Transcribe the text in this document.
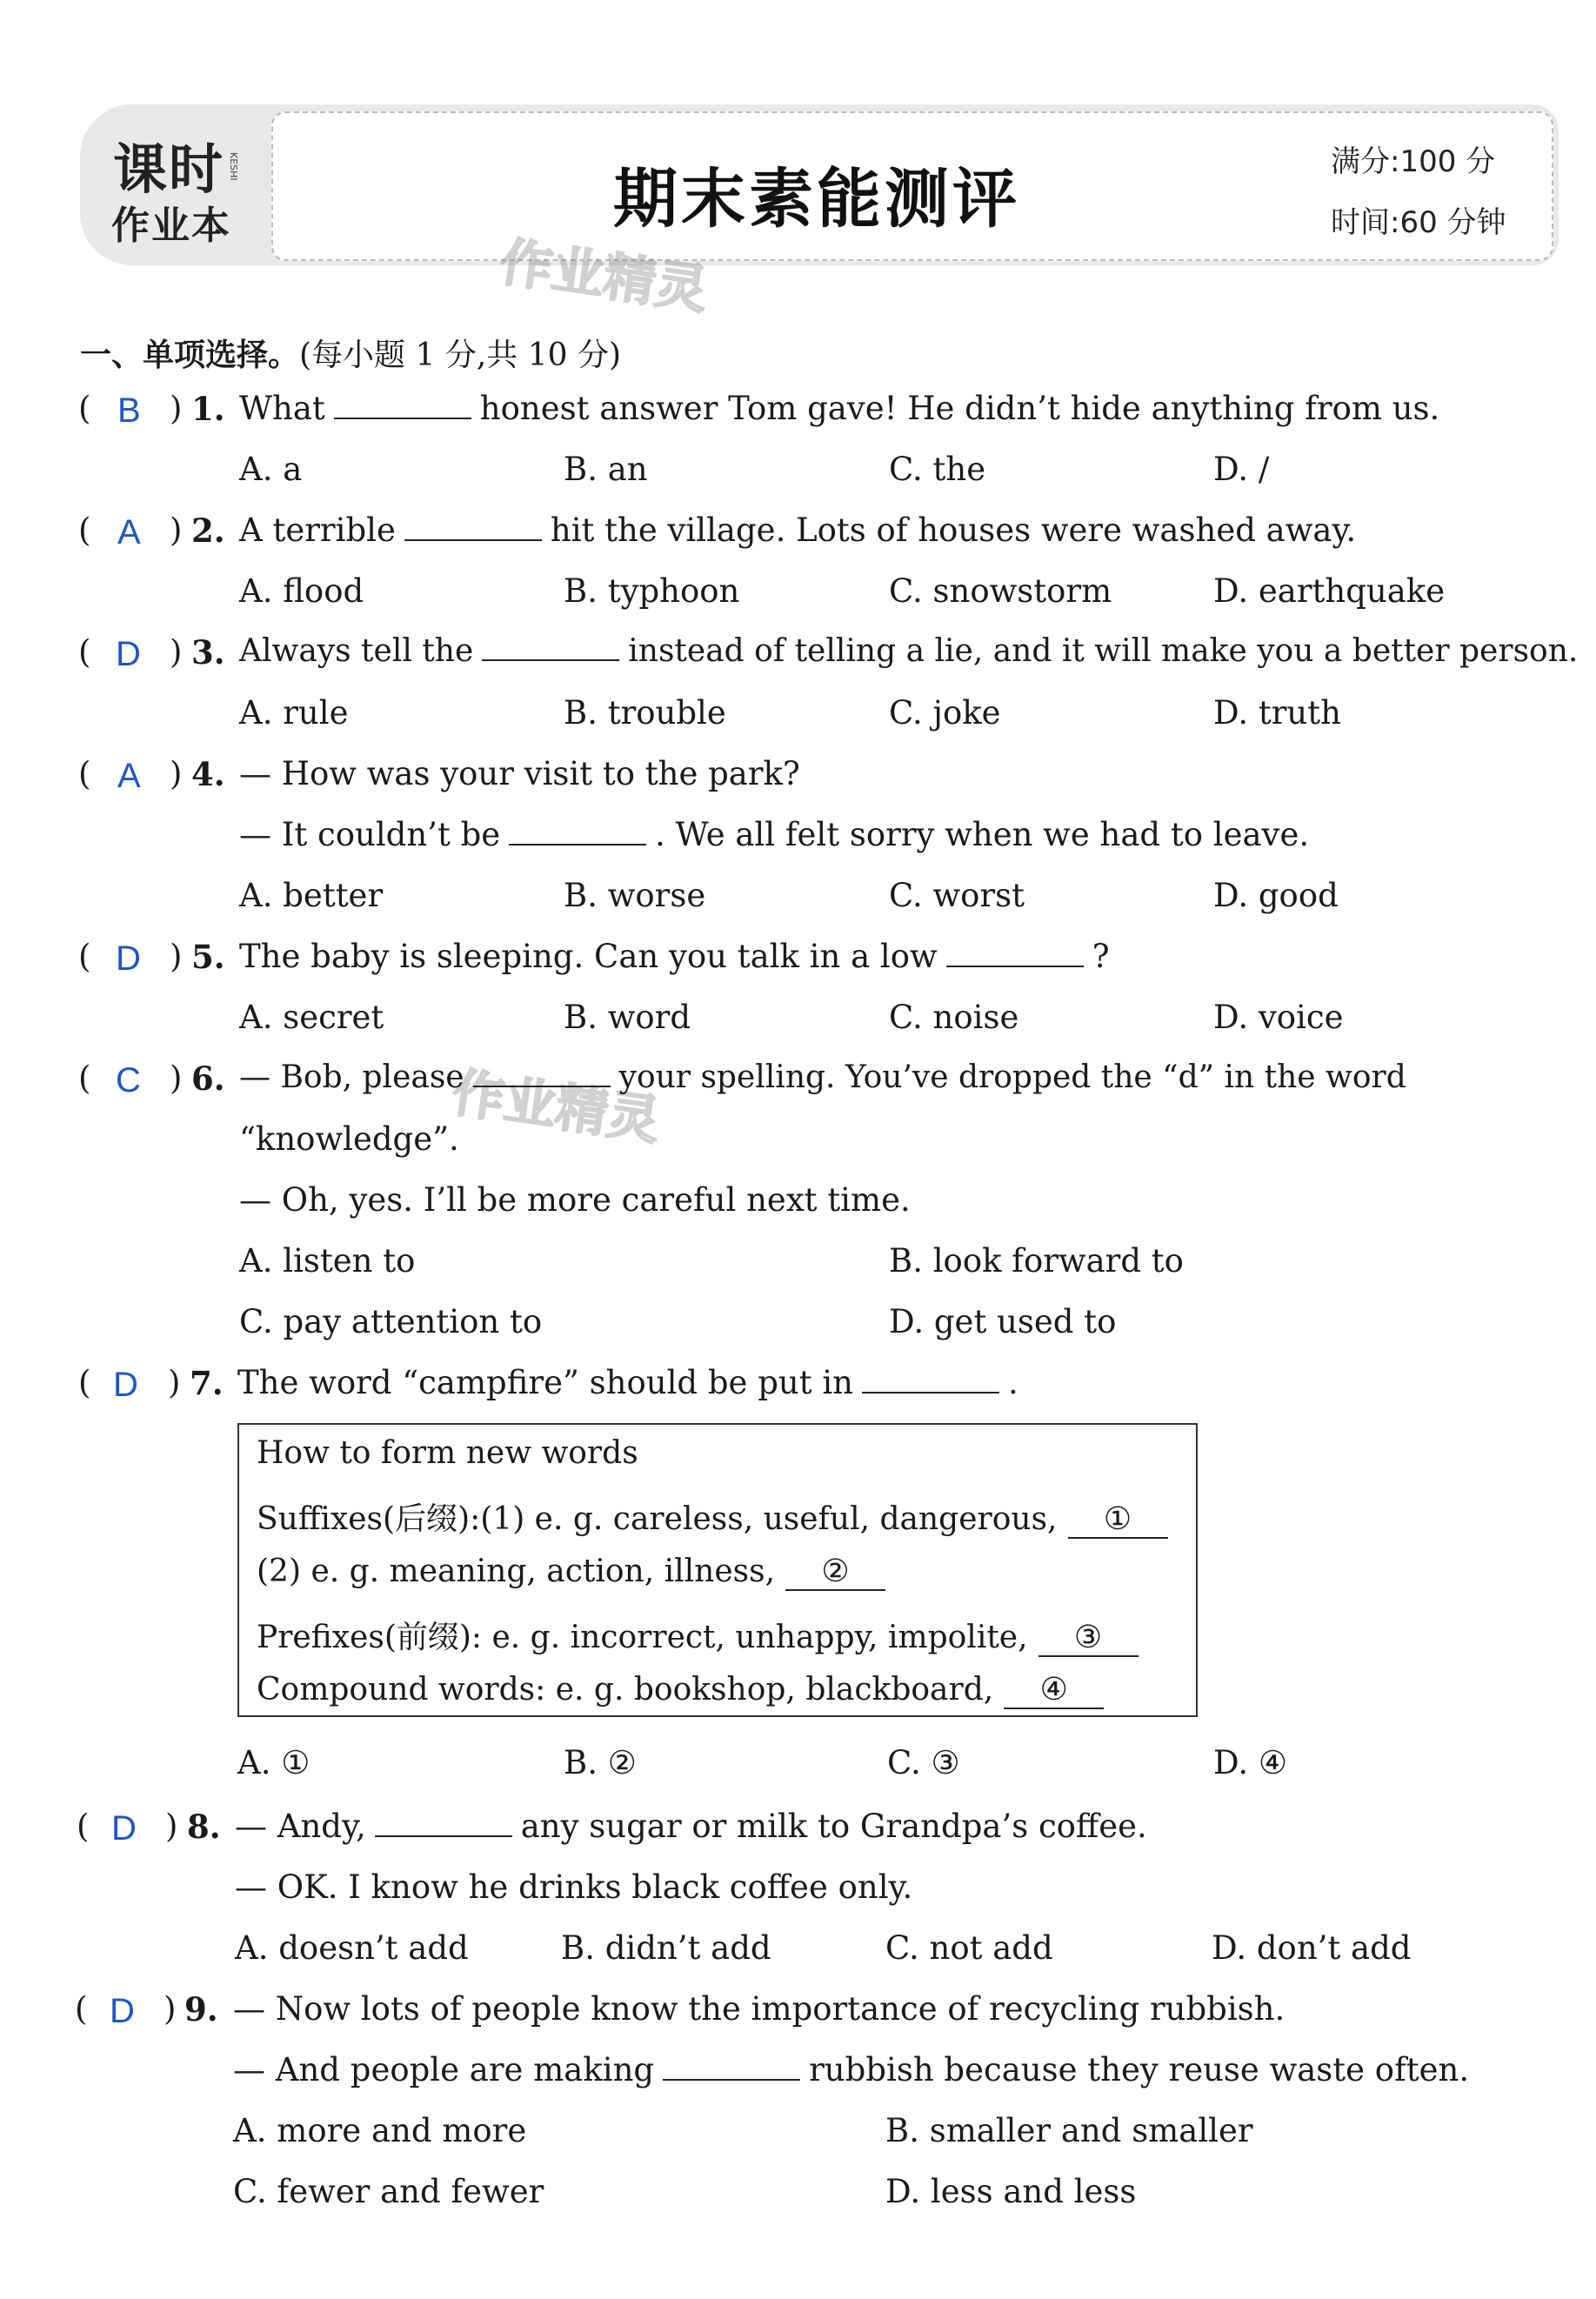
课时
作业本
KESHI	期末素能测评	满分:100 分
时间:60 分钟
作业精灵
作业精灵
一、单项选择。(每小题 1 分,共 10 分)
( B ) 1. What	honest answer Tom gave! He didn’t hide anything from us.
A. a	B. an	C. the	D. /
( A ) 2. A terrible	hit the village. Lots of houses were washed away.
A. flood	B. typhoon	C. snowstorm	D. earthquake
( D ) 3. Always tell the	instead of telling a lie, and it will make you a better person.
A. rule	B. trouble	C. joke	D. truth
( A ) 4. — How was your visit to the park?
— It couldn’t be	. We all felt sorry when we had to leave.
A. better	B. worse	C. worst	D. good
( D ) 5. The baby is sleeping. Can you talk in a low	?
A. secret	B. word	C. noise	D. voice
( C ) 6. — Bob, please	your spelling. You’ve dropped the “d” in the word
“knowledge”.
— Oh, yes. I’ll be more careful next time.
A. listen to	B. look forward to
C. pay attention to	D. get used to
( D ) 7. The word “campfire” should be put in	.
How to form new words
Suffixes(后缀):(1) e. g. careless, useful, dangerous, ①
(2) e. g. meaning, action, illness, ②
Prefixes(前缀): e. g. incorrect, unhappy, impolite, ③
Compound words: e. g. bookshop, blackboard, ④
A. ①	B. ②	C. ③	D. ④
( D ) 8. — Andy,	any sugar or milk to Grandpa’s coffee.
— OK. I know he drinks black coffee only.
A. doesn’t add	B. didn’t add	C. not add	D. don’t add
( D ) 9. — Now lots of people know the importance of recycling rubbish.
— And people are making	rubbish because they reuse waste often.
A. more and more	B. smaller and smaller
C. fewer and fewer	D. less and less
